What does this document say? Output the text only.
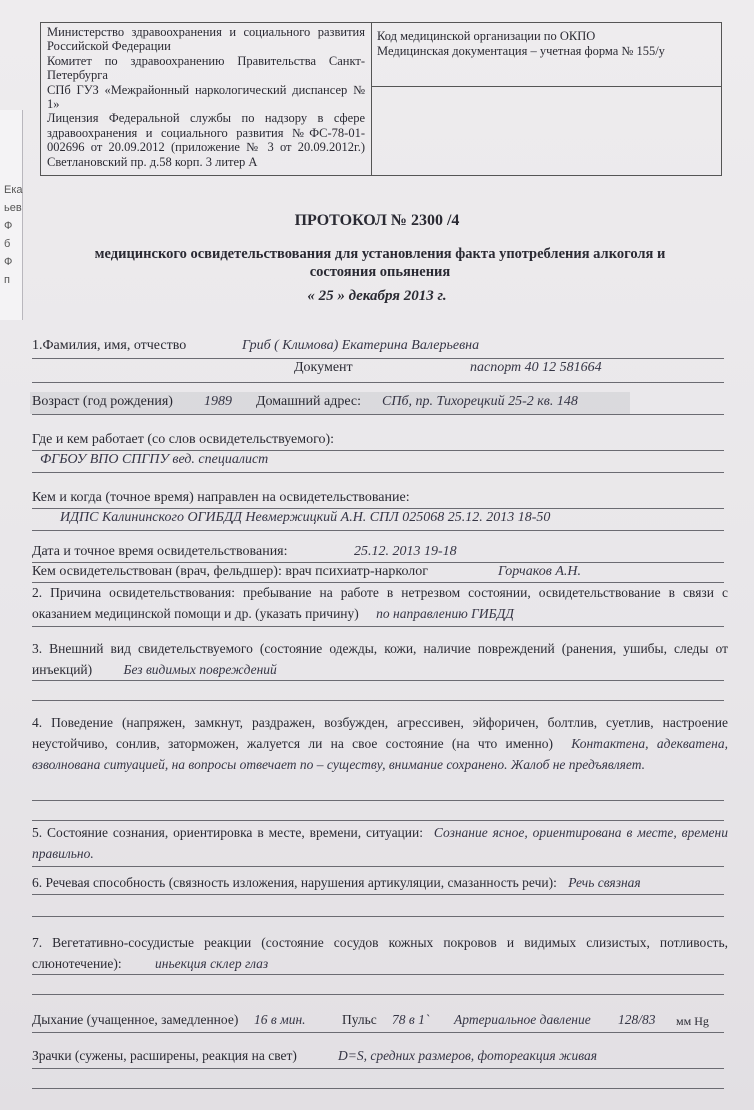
Ека
ьев
Ф
б
Ф
п
Министерство здравоохранения и социального развития Российской Федерации
Комитет по здравоохранению Правительства Санкт-Петербурга
СПб ГУЗ «Межрайонный наркологический диспансер № 1»
Лицензия Федеральной службы по надзору в сфере здравоохранения и социального развития №ФС-78-01-002696 от 20.09.2012 (приложение № 3 от 20.09.2012г.) Светлановский пр. д.58 корп. 3 литер А
Код медицинской организации по ОКПО
Медицинская документация – учетная форма № 155/у
ПРОТОКОЛ № 2300 /4
медицинского освидетельствования для установления факта употребления алкоголя и состояния опьянения
« 25 » декабря 2013 г.
1.Фамилия, имя, отчество	Гриб ( Климова) Екатерина Валерьевна
Документ	паспорт 40 12 581664
Возраст (год рождения) 1989 Домашний адрес: СПб, пр. Тихорецкий 25-2 кв. 148
Где и кем работает (со слов освидетельствуемого):
ФГБОУ ВПО СПГПУ вед. специалист
Кем и когда (точное время) направлен на освидетельствование:
ИДПС Калининского ОГИБДД Невмержицкий А.Н. СПЛ 025068 25.12. 2013 18-50
Дата и точное время освидетельствования:	25.12. 2013 19-18
Кем освидетельствован (врач, фельдшер): врач психиатр-нарколог	Горчаков А.Н.
2. Причина освидетельствования: пребывание на работе в нетрезвом состоянии, освидетельствование в связи с оказанием медицинской помощи и др. (указать причину) по направлению ГИБДД
3. Внешний вид свидетельствуемого (состояние одежды, кожи, наличие повреждений (ранения, ушибы, следы от инъекций) Без видимых повреждений
4. Поведение (напряжен, замкнут, раздражен, возбужден, агрессивен, эйфоричен, болтлив, суетлив, настроение неустойчиво, сонлив, заторможен, жалуется ли на свое состояние (на что именно) Контактена, адекватена, взволнована ситуацией, на вопросы отвечает по – существу, внимание сохранено. Жалоб не предъявляет.
5. Состояние сознания, ориентировка в месте, времени, ситуации: Сознание ясное, ориентирована в месте, времени правильно.
6. Речевая способность (связность изложения, нарушения артикуляции, смазанность речи): Речь связная
7. Вегетативно-сосудистые реакции (состояние сосудов кожных покровов и видимых слизистых, потливость, слюнотечение): иньекция склер глаз
Дыхание (учащенное, замедленное) 16 в мин.	Пульс 78 в 1` Артериальное давление 128/83 мм Hg
Зрачки (сужены, расширены, реакция на свет)	D=S, средних размеров, фотореакция живая
